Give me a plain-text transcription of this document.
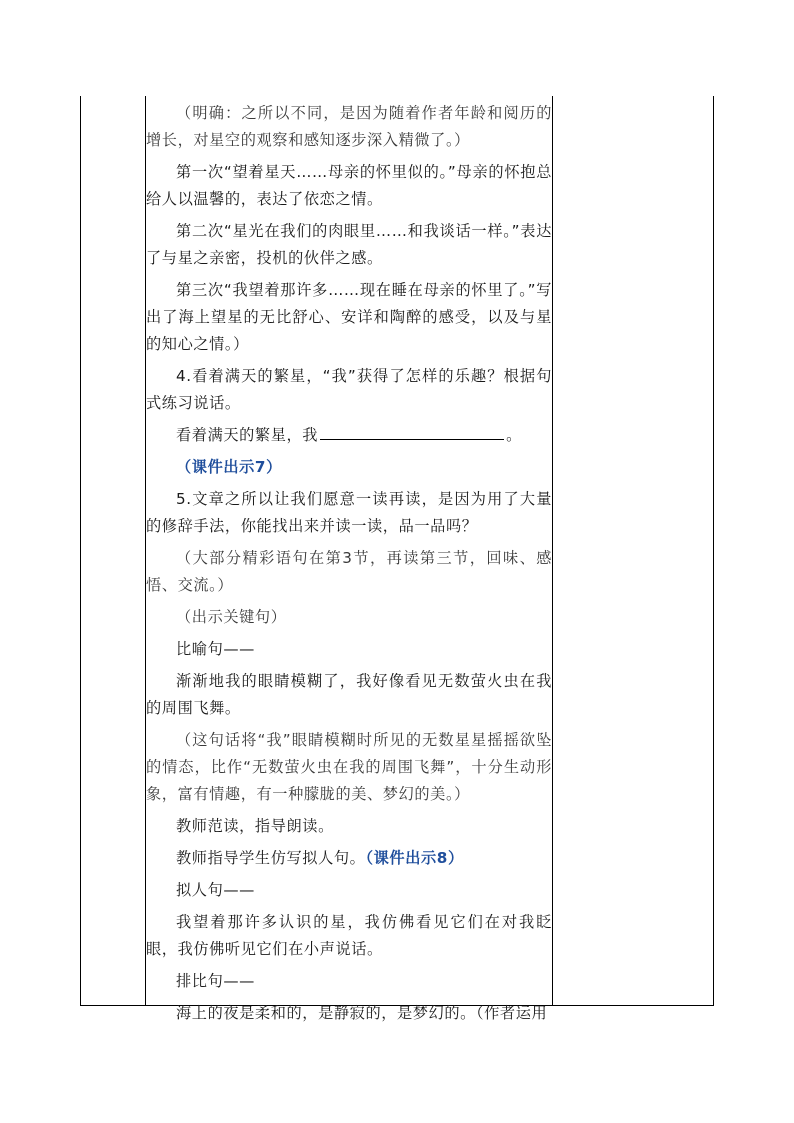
（明确：之所以不同，是因为随着作者年龄和阅历的增长，对星空的观察和感知逐步深入精微了。）

第一次“望着星天……母亲的怀里似的。”母亲的怀抱总给人以温馨的，表达了依恋之情。

第二次“星光在我们的肉眼里……和我谈话一样。”表达了与星之亲密，投机的伙伴之感。

第三次“我望着那许多……现在睡在母亲的怀里了。”写出了海上望星的无比舒心、安详和陶醉的感受，以及与星的知心之情。）

4.看着满天的繁星，“我”获得了怎样的乐趣？根据句式练习说话。

看着满天的繁星，我	。

（课件出示7）

5.文章之所以让我们愿意一读再读，是因为用了大量的修辞手法，你能找出来并读一读，品一品吗？

（大部分精彩语句在第3节，再读第三节，回味、感悟、交流。）

（出示关键句）

比喻句——

渐渐地我的眼睛模糊了，我好像看见无数萤火虫在我的周围飞舞。

（这句话将“我”眼睛模糊时所见的无数星星摇摇欲坠的情态，比作“无数萤火虫在我的周围飞舞”，十分生动形象，富有情趣，有一种朦胧的美、梦幻的美。）

教师范读，指导朗读。

教师指导学生仿写拟人句。（课件出示8）

拟人句——

我望着那许多认识的星，我仿佛看见它们在对我眨眼，我仿佛听见它们在小声说话。

排比句——

海上的夜是柔和的，是静寂的，是梦幻的。（作者运用
